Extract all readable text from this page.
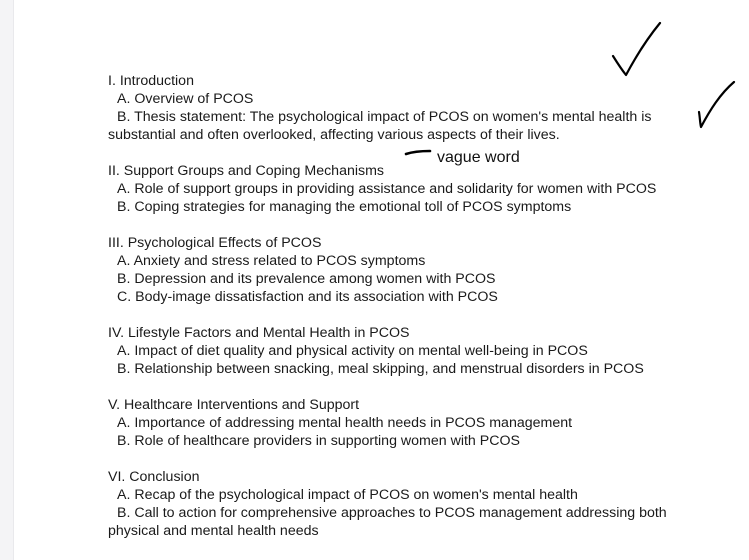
I. Introduction
A. Overview of PCOS
B. Thesis statement: The psychological impact of PCOS on women's mental health is substantial and often overlooked, affecting various aspects of their lives.
II. Support Groups and Coping Mechanisms
A. Role of support groups in providing assistance and solidarity for women with PCOS
B. Coping strategies for managing the emotional toll of PCOS symptoms
III. Psychological Effects of PCOS
A. Anxiety and stress related to PCOS symptoms
B. Depression and its prevalence among women with PCOS
C. Body-image dissatisfaction and its association with PCOS
IV. Lifestyle Factors and Mental Health in PCOS
A. Impact of diet quality and physical activity on mental well-being in PCOS
B. Relationship between snacking, meal skipping, and menstrual disorders in PCOS
V. Healthcare Interventions and Support
A. Importance of addressing mental health needs in PCOS management
B. Role of healthcare providers in supporting women with PCOS
VI. Conclusion
A. Recap of the psychological impact of PCOS on women's mental health
B. Call to action for comprehensive approaches to PCOS management addressing both physical and mental health needs
vague word
